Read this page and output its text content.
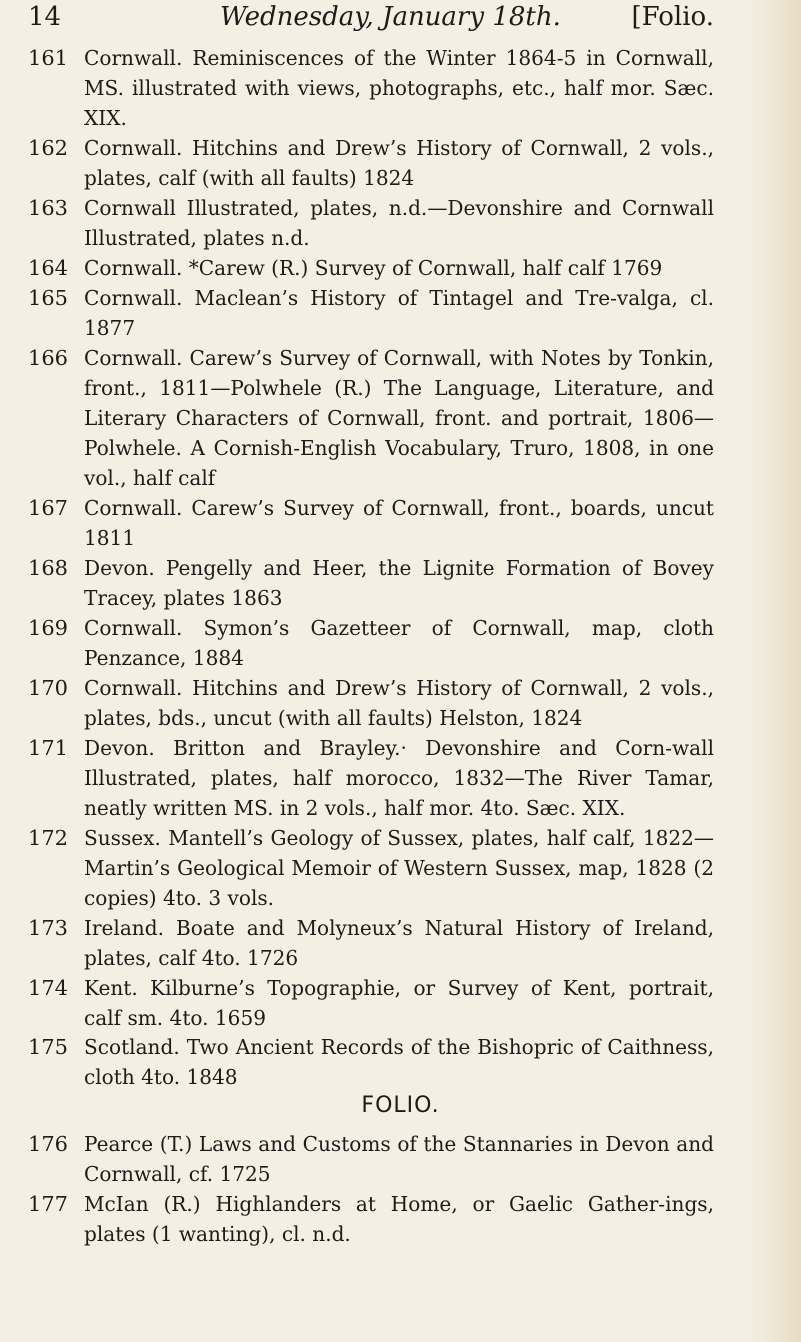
14	Wednesday, January 18th.	[Folio.
161 Cornwall. Reminiscences of the Winter 1864-5 in Cornwall, MS. illustrated with views, photographs, etc., half mor. Sæc. XIX.
162 Cornwall. Hitchins and Drew’s History of Cornwall, 2 vols., plates, calf (with all faults) 1824
163 Cornwall Illustrated, plates, n.d.—Devonshire and Cornwall Illustrated, plates n.d.
164 Cornwall. *Carew (R.) Survey of Cornwall, half calf 1769
165 Cornwall. Maclean’s History of Tintagel and Tre-valga, cl. 1877
166 Cornwall. Carew’s Survey of Cornwall, with Notes by Tonkin, front., 1811—Polwhele (R.) The Language, Literature, and Literary Characters of Cornwall, front. and portrait, 1806—Polwhele. A Cornish-English Vocabulary, Truro, 1808, in one vol., half calf
167 Cornwall. Carew’s Survey of Cornwall, front., boards, uncut 1811
168 Devon. Pengelly and Heer, the Lignite Formation of Bovey Tracey, plates 1863
169 Cornwall. Symon’s Gazetteer of Cornwall, map, cloth Penzance, 1884
170 Cornwall. Hitchins and Drew’s History of Cornwall, 2 vols., plates, bds., uncut (with all faults) Helston, 1824
171 Devon. Britton and Brayley.· Devonshire and Corn-wall Illustrated, plates, half morocco, 1832—The River Tamar, neatly written MS. in 2 vols., half mor. 4to. Sæc. XIX.
172 Sussex. Mantell’s Geology of Sussex, plates, half calf, 1822—Martin’s Geological Memoir of Western Sussex, map, 1828 (2 copies) 4to. 3 vols.
173 Ireland. Boate and Molyneux’s Natural History of Ireland, plates, calf 4to. 1726
174 Kent. Kilburne’s Topographie, or Survey of Kent, portrait, calf sm. 4to. 1659
175 Scotland. Two Ancient Records of the Bishopric of Caithness, cloth 4to. 1848
FOLIO.
176 Pearce (T.) Laws and Customs of the Stannaries in Devon and Cornwall, cf. 1725
177 McIan (R.) Highlanders at Home, or Gaelic Gather-ings, plates (1 wanting), cl. n.d.
